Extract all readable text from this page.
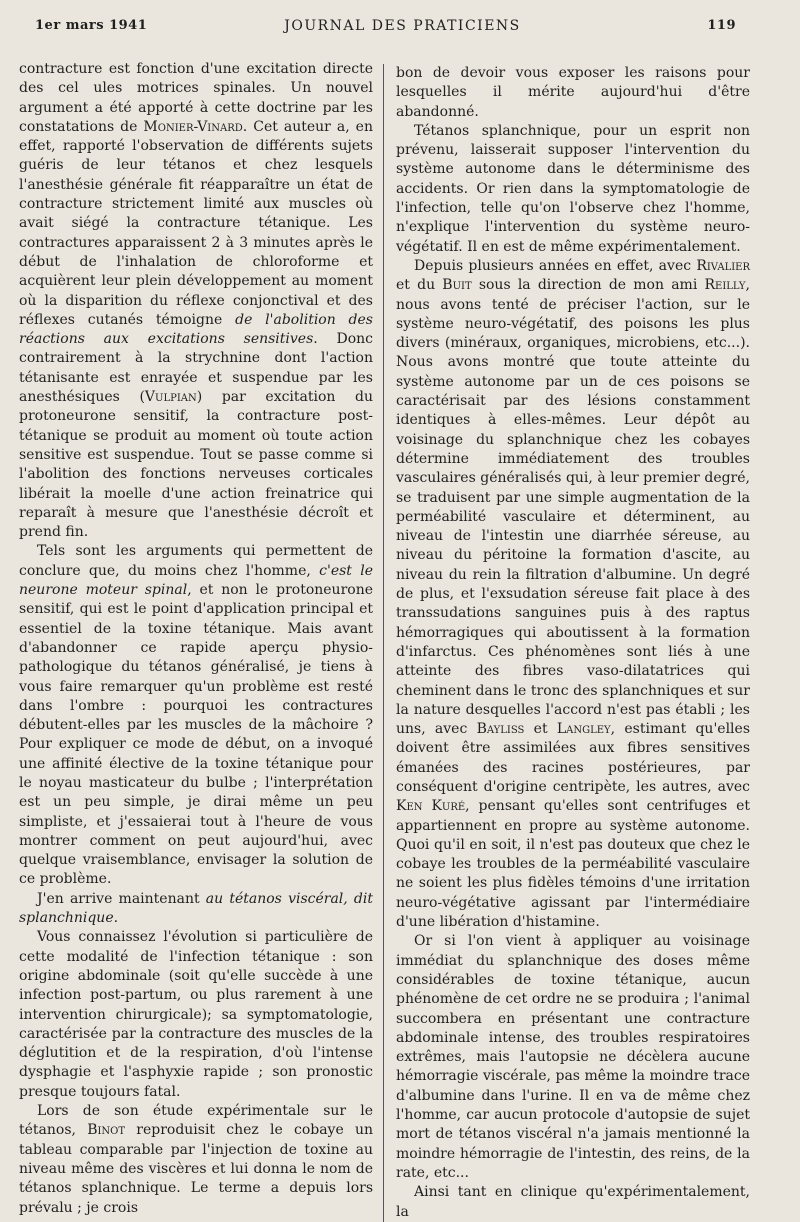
1er mars 1941	JOURNAL DES PRATICIENS	119

contracture est fonction d'une excitation directe des cel ules motrices spinales. Un nouvel argument a été apporté à cette doctrine par les constatations de Monier-Vinard. Cet auteur a, en effet, rapporté l'observation de différents sujets guéris de leur tétanos et chez lesquels l'anesthésie générale fit réapparaître un état de contracture strictement limité aux muscles où avait siégé la contracture tétanique. Les contractures apparaissent 2 à 3 minutes après le début de l'inhalation de chloroforme et acquièrent leur plein développement au moment où la disparition du réflexe conjonctival et des réflexes cutanés témoigne de l'abolition des réactions aux excitations sensitives. Donc contrairement à la strychnine dont l'action tétanisante est enrayée et suspendue par les anesthésiques (Vulpian) par excitation du protoneurone sensitif, la contracture post-tétanique se produit au moment où toute action sensitive est suspendue. Tout se passe comme si l'abolition des fonctions nerveuses corticales libérait la moelle d'une action freinatrice qui reparaît à mesure que l'anesthésie décroît et prend fin.

Tels sont les arguments qui permettent de conclure que, du moins chez l'homme, c'est le neurone moteur spinal, et non le protoneurone sensitif, qui est le point d'application principal et essentiel de la toxine tétanique. Mais avant d'abandonner ce rapide aperçu physio-pathologique du tétanos généralisé, je tiens à vous faire remarquer qu'un problème est resté dans l'ombre : pourquoi les contractures débutent-elles par les muscles de la mâchoire ? Pour expliquer ce mode de début, on a invoqué une affinité élective de la toxine tétanique pour le noyau masticateur du bulbe ; l'interprétation est un peu simple, je dirai même un peu simpliste, et j'essaierai tout à l'heure de vous montrer comment on peut aujourd'hui, avec quelque vraisemblance, envisager la solution de ce problème.

J'en arrive maintenant au tétanos viscéral, dit splanchnique.

Vous connaissez l'évolution si particulière de cette modalité de l'infection tétanique : son origine abdominale (soit qu'elle succède à une infection post-partum, ou plus rarement à une intervention chirurgicale); sa symptomatologie, caractérisée par la contracture des muscles de la déglutition et de la respiration, d'où l'intense dysphagie et l'asphyxie rapide ; son pronostic presque toujours fatal.

Lors de son étude expérimentale sur le tétanos, Binot reproduisit chez le cobaye un tableau comparable par l'injection de toxine au niveau même des viscères et lui donna le nom de tétanos splanchnique. Le terme a depuis lors prévalu ; je crois

bon de devoir vous exposer les raisons pour lesquelles il mérite aujourd'hui d'être abandonné.

Tétanos splanchnique, pour un esprit non prévenu, laisserait supposer l'intervention du système autonome dans le déterminisme des accidents. Or rien dans la symptomatologie de l'infection, telle qu'on l'observe chez l'homme, n'explique l'intervention du système neuro-végétatif. Il en est de même expérimentalement.

Depuis plusieurs années en effet, avec Rivalier et du Buit sous la direction de mon ami Reilly, nous avons tenté de préciser l'action, sur le système neuro-végétatif, des poisons les plus divers (minéraux, organiques, microbiens, etc...). Nous avons montré que toute atteinte du système autonome par un de ces poisons se caractérisait par des lésions constamment identiques à elles-mêmes. Leur dépôt au voisinage du splanchnique chez les cobayes détermine immédiatement des troubles vasculaires généralisés qui, à leur premier degré, se traduisent par une simple augmentation de la perméabilité vasculaire et déterminent, au niveau de l'intestin une diarrhée séreuse, au niveau du péritoine la formation d'ascite, au niveau du rein la filtration d'albumine. Un degré de plus, et l'exsudation séreuse fait place à des transsudations sanguines puis à des raptus hémorragiques qui aboutissent à la formation d'infarctus. Ces phénomènes sont liés à une atteinte des fibres vaso-dilatatrices qui cheminent dans le tronc des splanchniques et sur la nature desquelles l'accord n'est pas établi ; les uns, avec Bayliss et Langley, estimant qu'elles doivent être assimilées aux fibres sensitives émanées des racines postérieures, par conséquent d'origine centripète, les autres, avec Ken Kuré, pensant qu'elles sont centrifuges et appartiennent en propre au système autonome. Quoi qu'il en soit, il n'est pas douteux que chez le cobaye les troubles de la perméabilité vasculaire ne soient les plus fidèles témoins d'une irritation neuro-végétative agissant par l'intermédiaire d'une libération d'histamine.

Or si l'on vient à appliquer au voisinage immédiat du splanchnique des doses même considérables de toxine tétanique, aucun phénomène de cet ordre ne se produira ; l'animal succombera en présentant une contracture abdominale intense, des troubles respiratoires extrêmes, mais l'autopsie ne décèlera aucune hémorragie viscérale, pas même la moindre trace d'albumine dans l'urine. Il en va de même chez l'homme, car aucun protocole d'autopsie de sujet mort de tétanos viscéral n'a jamais mentionné la moindre hémorragie de l'intestin, des reins, de la rate, etc...

Ainsi tant en clinique qu'expérimentalement, la
